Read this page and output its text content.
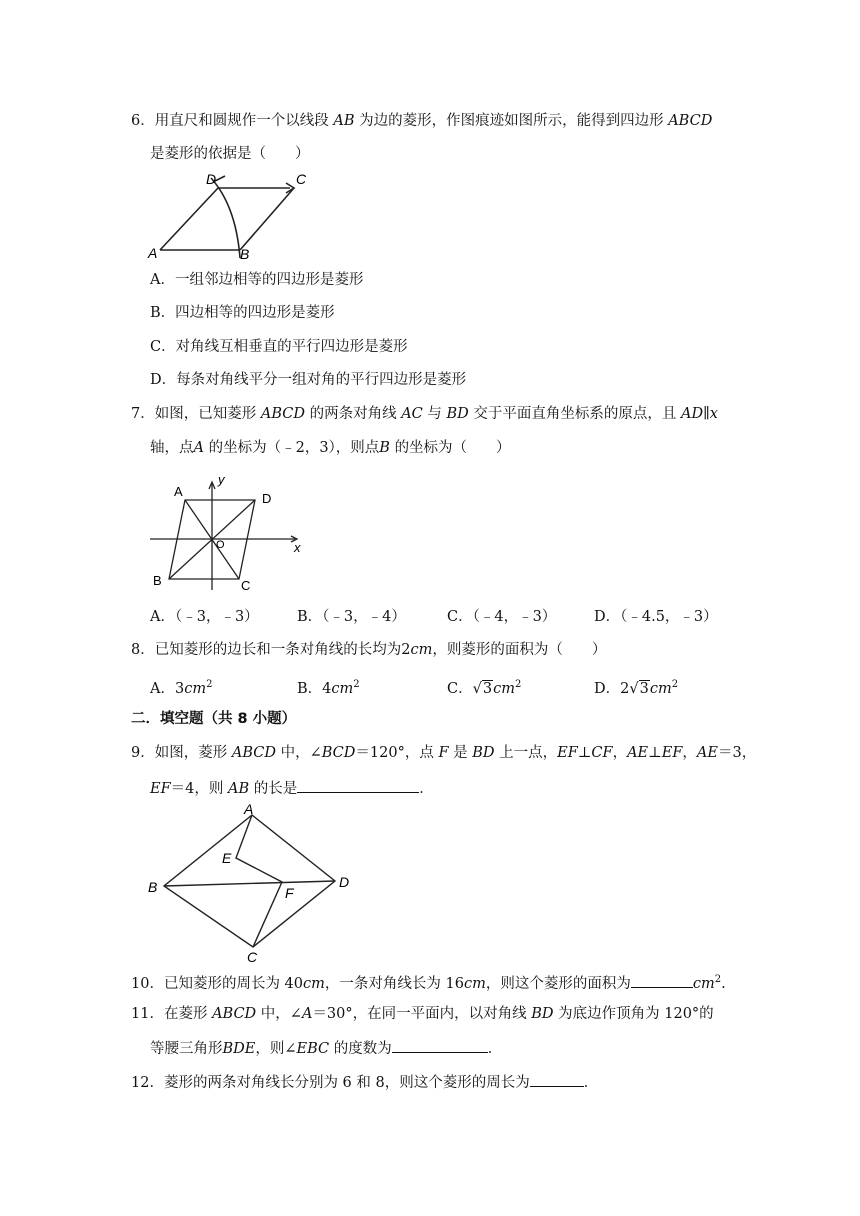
6．用直尺和圆规作一个以线段 AB 为边的菱形，作图痕迹如图所示，能得到四边形 ABCD
是菱形的依据是（　　）
D	C
A	B
A．一组邻边相等的四边形是菱形
B．四边相等的四边形是菱形
C．对角线互相垂直的平行四边形是菱形
D．每条对角线平分一组对角的平行四边形是菱形
7．如图，已知菱形 ABCD 的两条对角线 AC 与 BD 交于平面直角坐标系的原点，且 AD∥x
轴，点A 的坐标为（﹣2，3），则点B 的坐标为（　　）
A	D
B	C
O	x
y
A．（﹣3，﹣3）	B．（﹣3，﹣4）	C．（﹣4，﹣3）	D．（﹣4.5，﹣3）
8．已知菱形的边长和一条对角线的长均为2cm，则菱形的面积为（　　）
A．$3cm^2$	B．$4cm^2$	C．$√3cm^2$	D．$2√3cm^2$
二．填空题（共 8 小题）
9．如图，菱形 ABCD 中，∠BCD＝120°，点 F 是 BD 上一点，EF⊥CF，AE⊥EF，AE＝3，
EF＝4，则 AB 的长是	．
A
E
B	F
D
C
10．已知菱形的周长为 40cm，一条对角线长为 16cm，则这个菱形的面积为	$cm^2$.
11．在菱形 ABCD 中，∠A＝30°，在同一平面内，以对角线 BD 为底边作顶角为 120°的
等腰三角形BDE，则∠EBC 的度数为	．
12．菱形的两条对角线长分别为 6 和 8，则这个菱形的周长为	．
